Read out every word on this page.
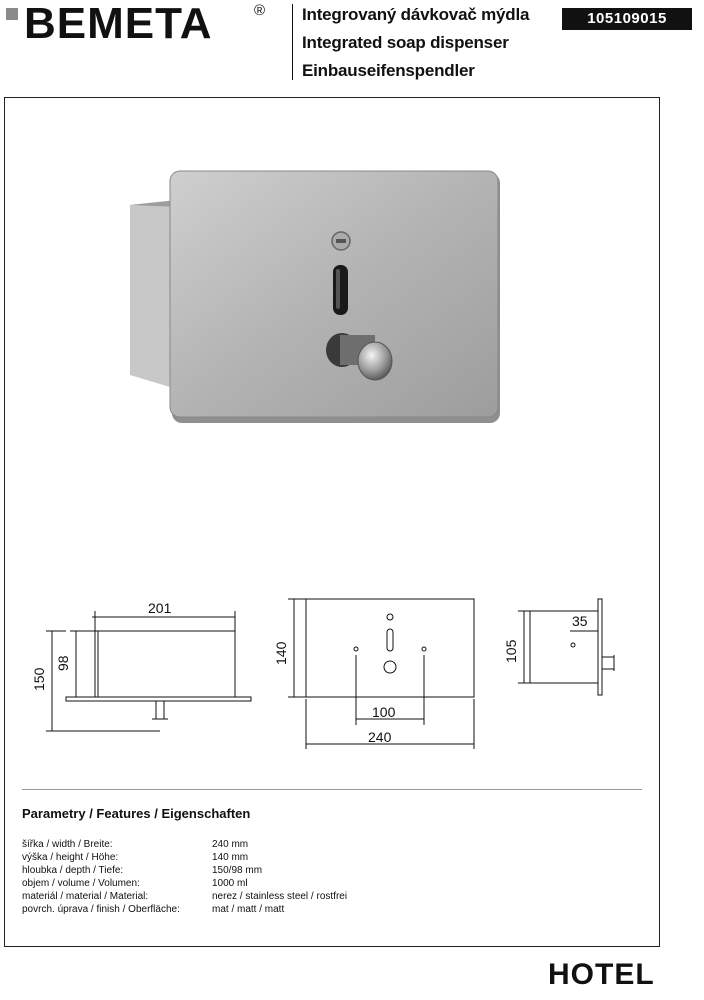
BEMETA	® Integrovaný dávkovač mýdla
Integrated soap dispenser
Einbauseifenspendler
105109015
201
98
150
140
100
240
105
35
Parametry / Features / Eigenschaften
šířka / width / Breite:	240 mm
výška / height / Höhe:	140 mm
hloubka / depth / Tiefe:	150/98 mm
objem / volume / Volumen:	1000 ml
materiál / material / Material:	nerez / stainless steel / rostfrei
povrch. úprava / finish / Oberfläche:	mat / matt / matt
HOTEL
